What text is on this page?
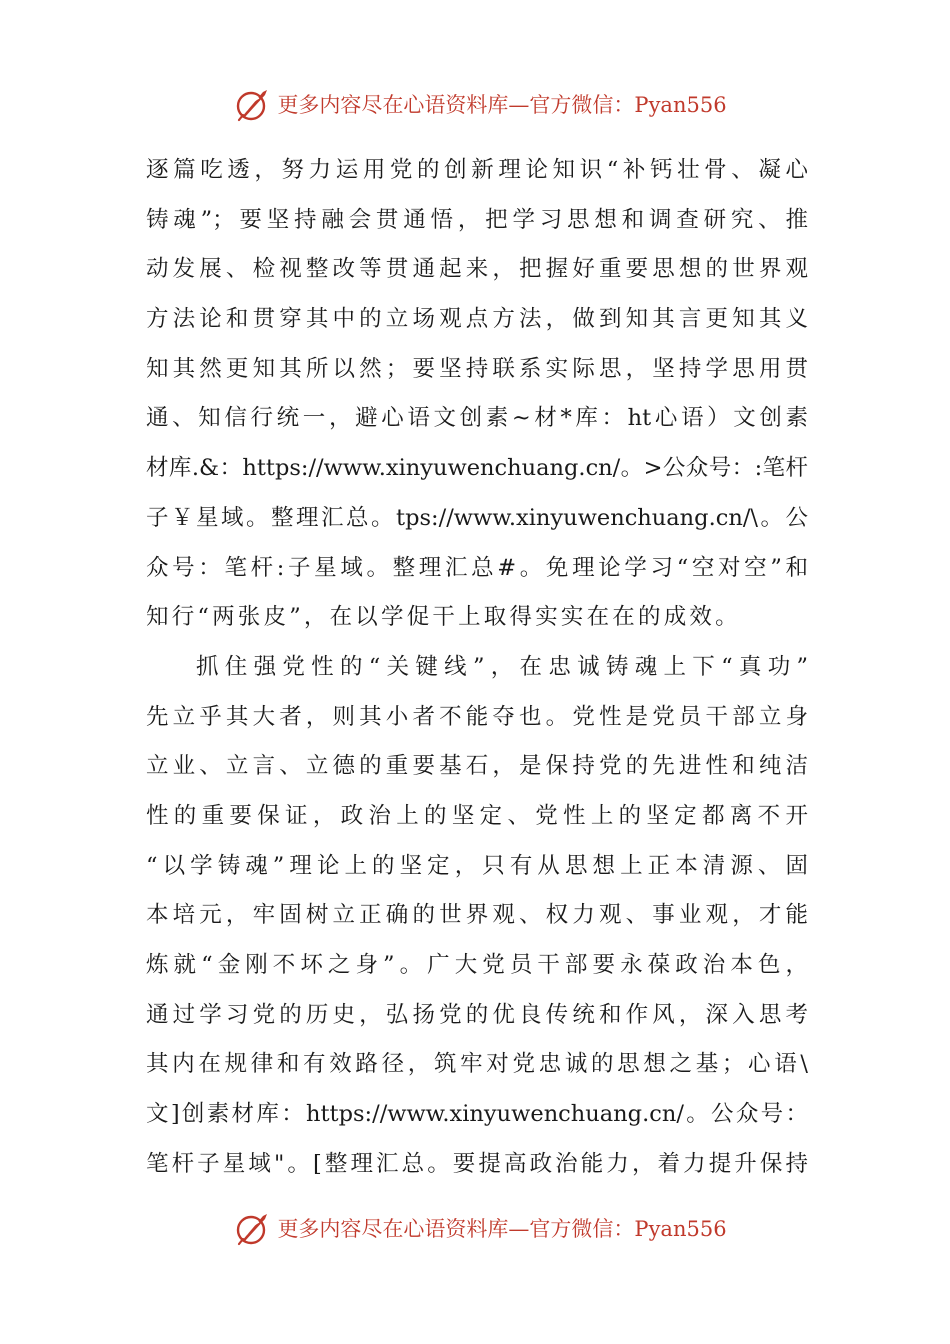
更多内容尽在心语资料库—官方微信：Pyan556
逐篇吃透，努力运用党的创新理论知识“补钙壮骨、凝心
铸魂”；要坚持融会贯通悟，把学习思想和调查研究、推
动发展、检视整改等贯通起来，把握好重要思想的世界观
方法论和贯穿其中的立场观点方法，做到知其言更知其义
知其然更知其所以然；要坚持联系实际思，坚持学思用贯
通、知信行统一，避心语文创素~材*库：ht心语）文创素
材库.&：https://www.xinyuwenchuang.cn/。>公众号：:笔杆
子￥星域。整理汇总。tps://www.xinyuwenchuang.cn/\。公
众号：笔杆:子星域。整理汇总#。免理论学习“空对空”和
知行“两张皮”，在以学促干上取得实实在在的成效。
抓住强党性的“关键线”，在忠诚铸魂上下“真功”
先立乎其大者，则其小者不能夺也。党性是党员干部立身
立业、立言、立德的重要基石，是保持党的先进性和纯洁
性的重要保证，政治上的坚定、党性上的坚定都离不开
“以学铸魂”理论上的坚定，只有从思想上正本清源、固
本培元，牢固树立正确的世界观、权力观、事业观，才能
炼就“金刚不坏之身”。广大党员干部要永葆政治本色，
通过学习党的历史，弘扬党的优良传统和作风，深入思考
其内在规律和有效路径，筑牢对党忠诚的思想之基；心语\
文]创素材库：https://www.xinyuwenchuang.cn/。公众号：
笔杆子星域"。[整理汇总。要提高政治能力，着力提升保持
更多内容尽在心语资料库—官方微信：Pyan556
